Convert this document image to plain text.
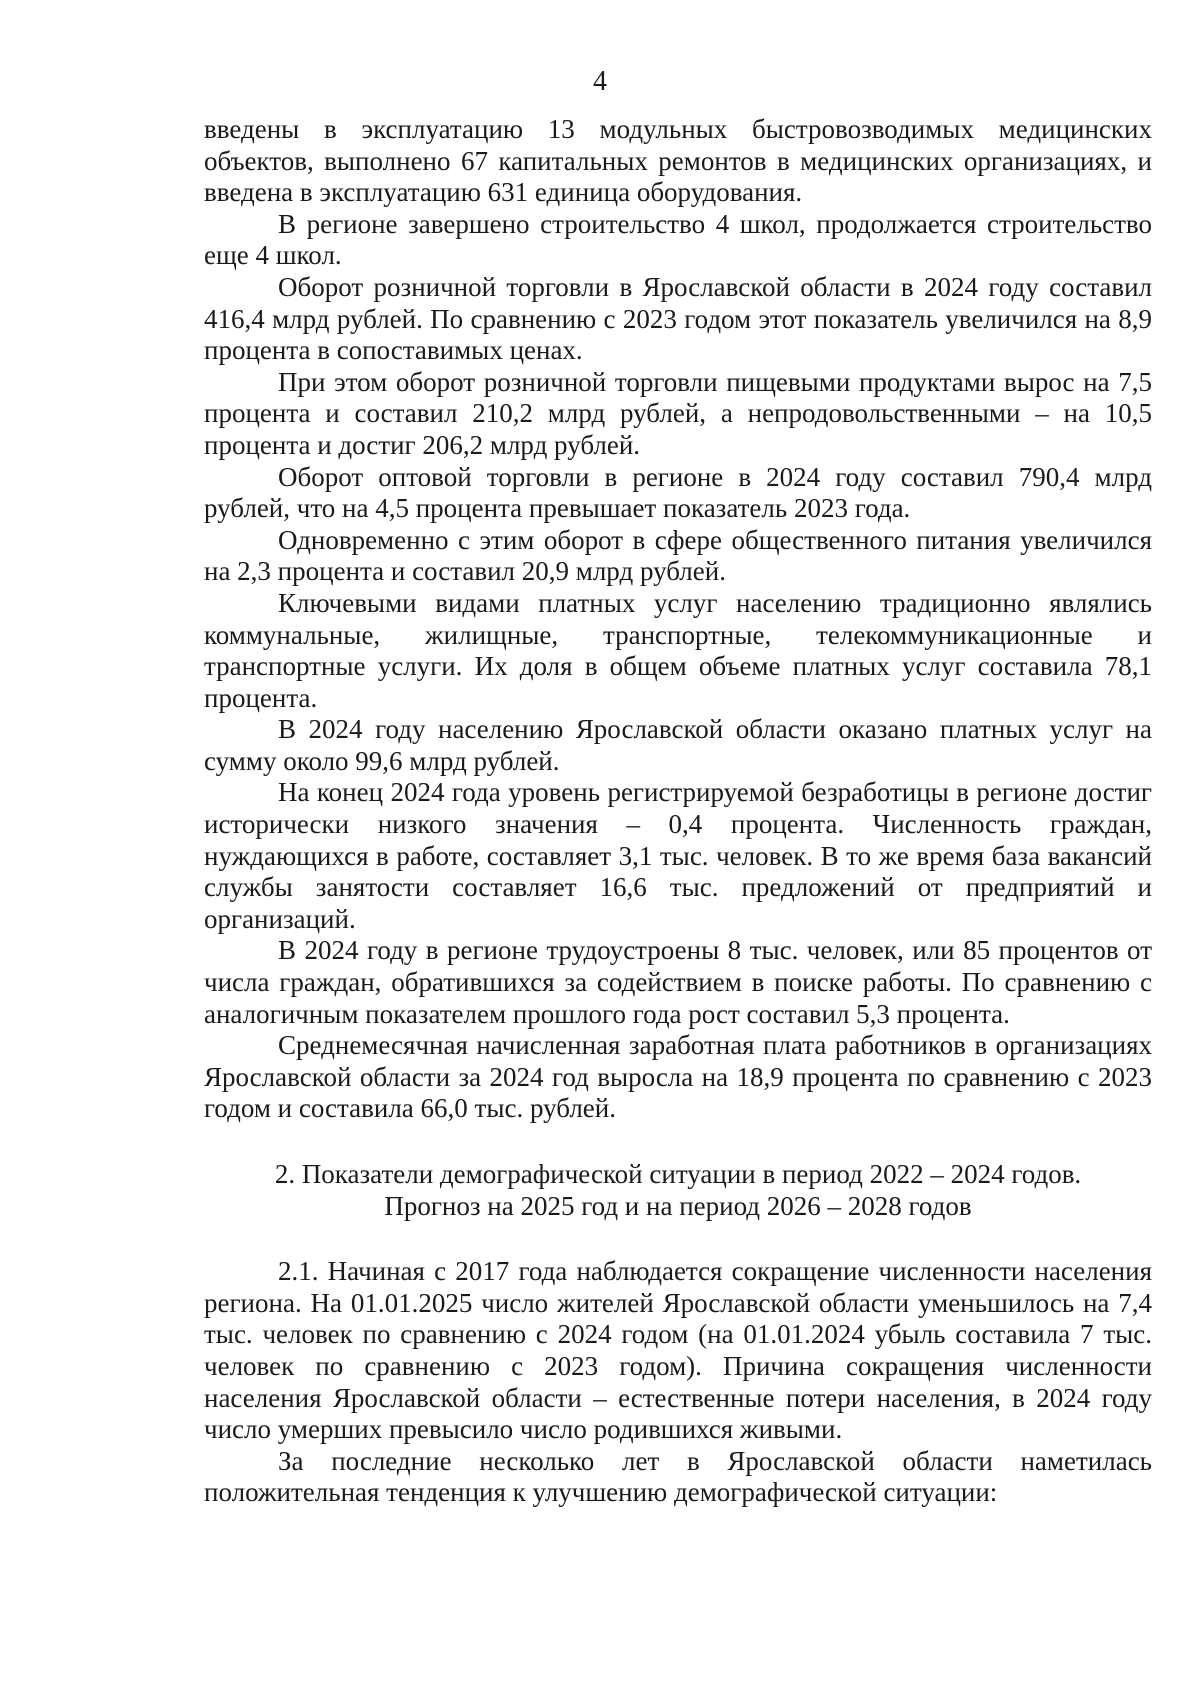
4

введены в эксплуатацию 13 модульных быстровозводимых медицинских объектов, выполнено 67 капитальных ремонтов в медицинских организациях, и введена в эксплуатацию 631 единица оборудования.

В регионе завершено строительство 4 школ, продолжается строительство еще 4 школ.

Оборот розничной торговли в Ярославской области в 2024 году составил 416,4 млрд рублей. По сравнению с 2023 годом этот показатель увеличился на 8,9 процента в сопоставимых ценах.

При этом оборот розничной торговли пищевыми продуктами вырос на 7,5 процента и составил 210,2 млрд рублей, а непродовольственными – на 10,5 процента и достиг 206,2 млрд рублей.

Оборот оптовой торговли в регионе в 2024 году составил 790,4 млрд рублей, что на 4,5 процента превышает показатель 2023 года.

Одновременно с этим оборот в сфере общественного питания увеличился на 2,3 процента и составил 20,9 млрд рублей.

Ключевыми видами платных услуг населению традиционно являлись коммунальные, жилищные, транспортные, телекоммуникационные и транспортные услуги. Их доля в общем объеме платных услуг составила 78,1 процента.

В 2024 году населению Ярославской области оказано платных услуг на сумму около 99,6 млрд рублей.

На конец 2024 года уровень регистрируемой безработицы в регионе достиг исторически низкого значения – 0,4 процента. Численность граждан, нуждающихся в работе, составляет 3,1 тыс. человек. В то же время база вакансий службы занятости составляет 16,6 тыс. предложений от предприятий и организаций.

В 2024 году в регионе трудоустроены 8 тыс. человек, или 85 процентов от числа граждан, обратившихся за содействием в поиске работы. По сравнению с аналогичным показателем прошлого года рост составил 5,3 процента.

Среднемесячная начисленная заработная плата работников в организациях Ярославской области за 2024 год выросла на 18,9 процента по сравнению с 2023 годом и составила 66,0 тыс. рублей.

2. Показатели демографической ситуации в период 2022 – 2024 годов.
Прогноз на 2025 год и на период 2026 – 2028 годов

2.1. Начиная с 2017 года наблюдается сокращение численности населения региона. На 01.01.2025 число жителей Ярославской области уменьшилось на 7,4 тыс. человек по сравнению с 2024 годом (на 01.01.2024 убыль составила 7 тыс. человек по сравнению с 2023 годом). Причина сокращения численности населения Ярославской области – естественные потери населения, в 2024 году число умерших превысило число родившихся живыми.

За последние несколько лет в Ярославской области наметилась положительная тенденция к улучшению демографической ситуации:
